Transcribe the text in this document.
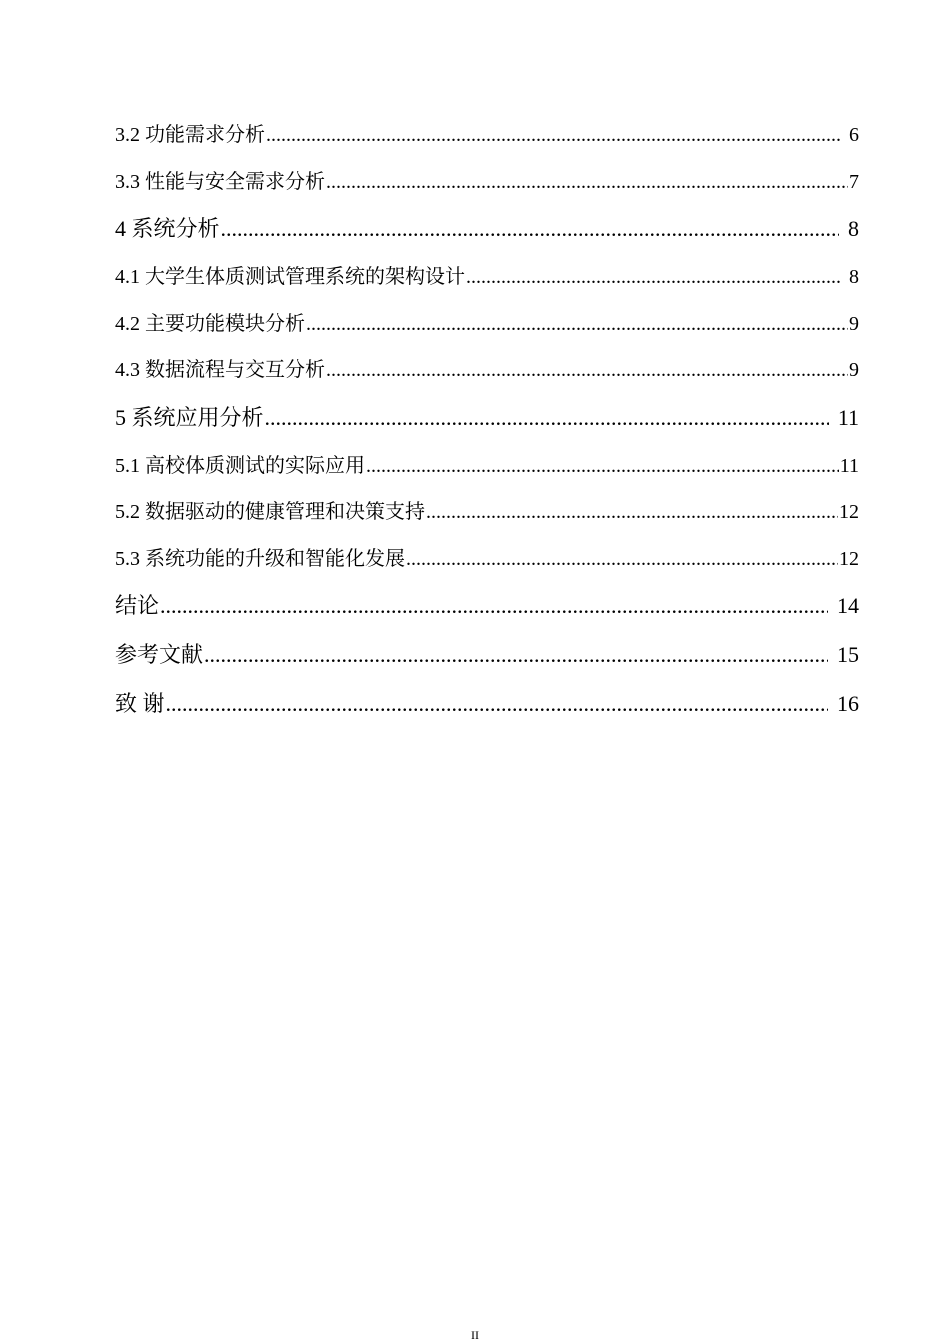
3.2 功能需求分析 .....	6
3.3 性能与安全需求分析 .....	7
4 系统分析 .....	8
4.1 大学生体质测试管理系统的架构设计 .....	8
4.2 主要功能模块分析 .....	9
4.3 数据流程与交互分析 .....	9
5 系统应用分析 .....	11
5.1 高校体质测试的实际应用 .....	11
5.2 数据驱动的健康管理和决策支持 .....	12
5.3 系统功能的升级和智能化发展 .....	12
结论 .....	14
参考文献 .....	15
致 谢 .....	16
II
